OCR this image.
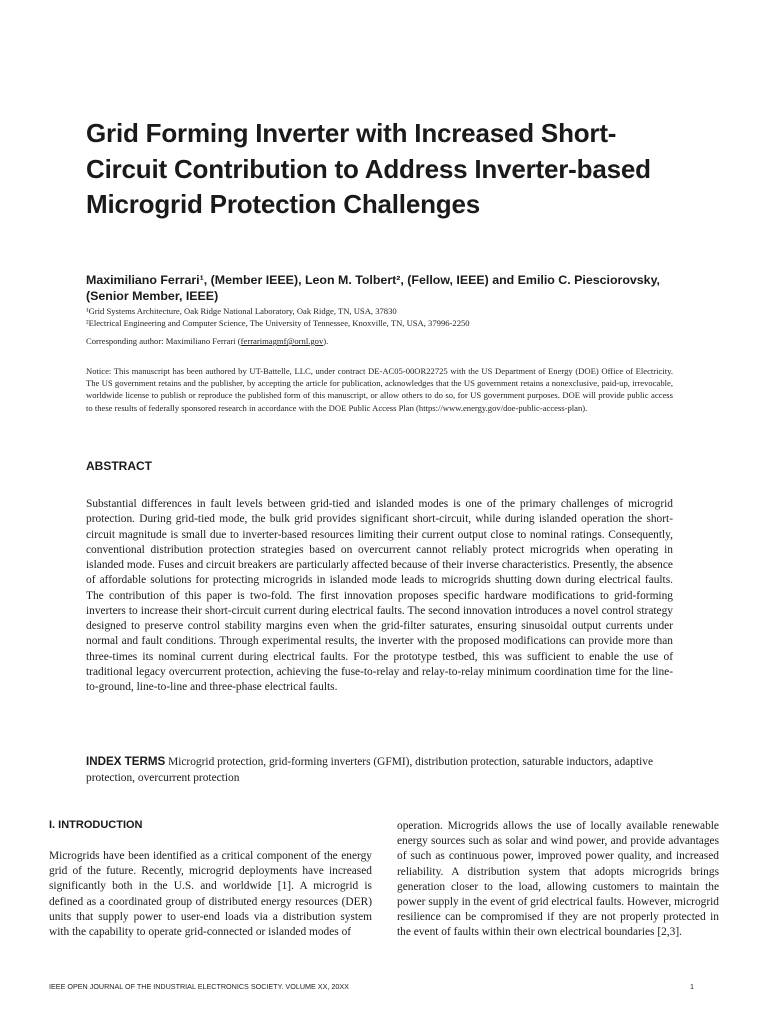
Grid Forming Inverter with Increased Short-Circuit Contribution to Address Inverter-based Microgrid Protection Challenges
Maximiliano Ferrari¹, (Member IEEE), Leon M. Tolbert², (Fellow, IEEE) and Emilio C. Piesciorovsky, (Senior Member, IEEE)
¹Grid Systems Architecture, Oak Ridge National Laboratory, Oak Ridge, TN, USA, 37830
²Electrical Engineering and Computer Science, The University of Tennessee, Knoxville, TN, USA, 37996-2250
Corresponding author: Maximiliano Ferrari (ferrarimagmf@ornl.gov).
Notice: This manuscript has been authored by UT-Battelle, LLC, under contract DE-AC05-00OR22725 with the US Department of Energy (DOE) Office of Electricity. The US government retains and the publisher, by accepting the article for publication, acknowledges that the US government retains a nonexclusive, paid-up, irrevocable, worldwide license to publish or reproduce the published form of this manuscript, or allow others to do so, for US government purposes. DOE will provide public access to these results of federally sponsored research in accordance with the DOE Public Access Plan (https://www.energy.gov/doe-public-access-plan).
ABSTRACT
Substantial differences in fault levels between grid-tied and islanded modes is one of the primary challenges of microgrid protection. During grid-tied mode, the bulk grid provides significant short-circuit, while during islanded operation the short-circuit magnitude is small due to inverter-based resources limiting their current output close to nominal ratings. Consequently, conventional distribution protection strategies based on overcurrent cannot reliably protect microgrids when operating in islanded mode. Fuses and circuit breakers are particularly affected because of their inverse characteristics. Presently, the absence of affordable solutions for protecting microgrids in islanded mode leads to microgrids shutting down during electrical faults. The contribution of this paper is two-fold. The first innovation proposes specific hardware modifications to grid-forming inverters to increase their short-circuit current during electrical faults. The second innovation introduces a novel control strategy designed to preserve control stability margins even when the grid-filter saturates, ensuring sinusoidal output currents under normal and fault conditions. Through experimental results, the inverter with the proposed modifications can provide more than three-times its nominal current during electrical faults. For the prototype testbed, this was sufficient to enable the use of traditional legacy overcurrent protection, achieving the fuse-to-relay and relay-to-relay minimum coordination time for the line-to-ground, line-to-line and three-phase electrical faults.
INDEX TERMS Microgrid protection, grid-forming inverters (GFMI), distribution protection, saturable inductors, adaptive protection, overcurrent protection
I. INTRODUCTION
Microgrids have been identified as a critical component of the energy grid of the future. Recently, microgrid deployments have increased significantly both in the U.S. and worldwide [1]. A microgrid is defined as a coordinated group of distributed energy resources (DER) units that supply power to user-end loads via a distribution system with the capability to operate grid-connected or islanded modes of
operation. Microgrids allows the use of locally available renewable energy sources such as solar and wind power, and provide advantages of such as continuous power, improved power quality, and increased reliability. A distribution system that adopts microgrids brings generation closer to the load, allowing customers to maintain the power supply in the event of grid electrical faults. However, microgrid resilience can be compromised if they are not properly protected in the event of faults within their own electrical boundaries [2,3].
IEEE OPEN JOURNAL OF THE INDUSTRIAL ELECTRONICS SOCIETY. VOLUME XX, 20XX	1
